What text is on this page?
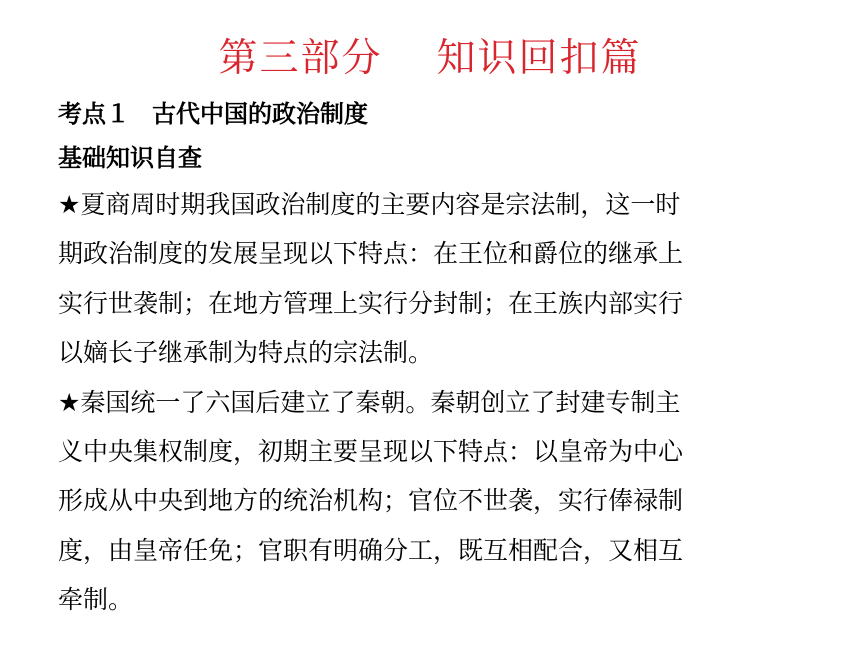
第三部分 知识回扣篇
考点１ 古代中国的政治制度
基础知识自查
★夏商周时期我国政治制度的主要内容是宗法制，这一时
期政治制度的发展呈现以下特点：在王位和爵位的继承上
实行世袭制；在地方管理上实行分封制；在王族内部实行
以嫡长子继承制为特点的宗法制。
★秦国统一了六国后建立了秦朝。秦朝创立了封建专制主
义中央集权制度，初期主要呈现以下特点：以皇帝为中心
形成从中央到地方的统治机构；官位不世袭，实行俸禄制
度，由皇帝任免；官职有明确分工，既互相配合，又相互
牵制。
